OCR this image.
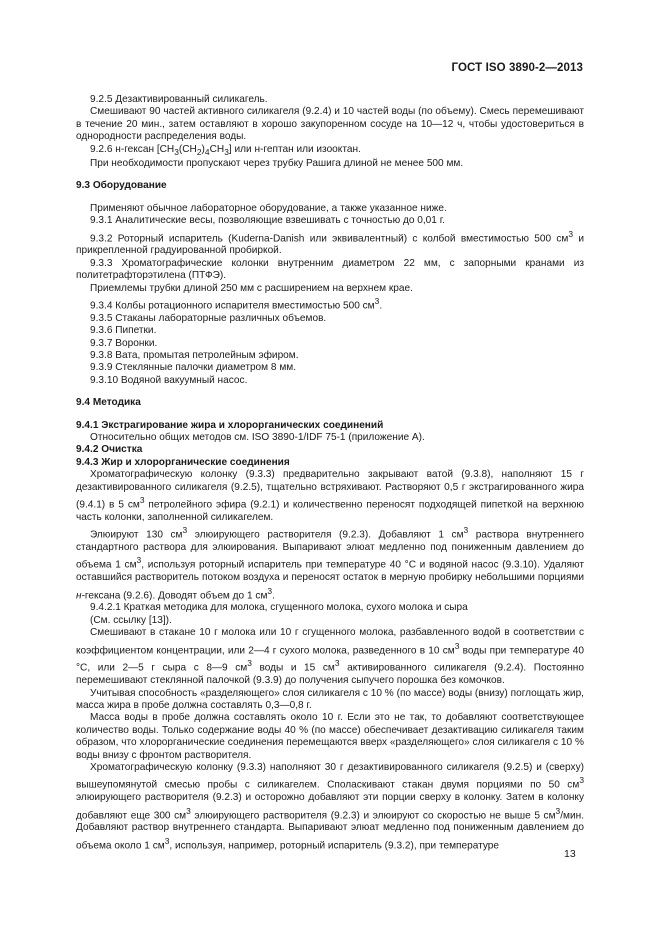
ГОСТ ISO 3890-2—2013

9.2.5 Дезактивированный силикагель.

Смешивают 90 частей активного силикагеля (9.2.4) и 10 частей воды (по объему). Смесь перемешивают в течение 20 мин., затем оставляют в хорошо закупоренном сосуде на 10—12 ч, чтобы удостовериться в однородности распределения воды.

9.2.6 н-гексан $[CH_3(CH_2)_4CH_3]$ или н-гептан или изооктан.

При необходимости пропускают через трубку Рашига длиной не менее 500 мм.

9.3 Оборудование

Применяют обычное лабораторное оборудование, а также указанное ниже.

9.3.1 Аналитические весы, позволяющие взвешивать с точностью до 0,01 г.

9.3.2 Роторный испаритель (Kuderna-Danish или эквивалентный) с колбой вместимостью 500 $см^3$ и прикрепленной градуированной пробиркой.

9.3.3 Хроматографические колонки внутренним диаметром 22 мм, с запорными кранами из политетрафторэтилена (ПТФЭ).

Приемлемы трубки длиной 250 мм с расширением на верхнем крае.

9.3.4 Колбы ротационного испарителя вместимостью 500 $см^3$.

9.3.5 Стаканы лабораторные различных объемов.

9.3.6 Пипетки.

9.3.7 Воронки.

9.3.8 Вата, промытая петролейным эфиром.

9.3.9 Стеклянные палочки диаметром 8 мм.

9.3.10 Водяной вакуумный насос.

9.4 Методика

9.4.1 Экстрагирование жира и хлорорганических соединений

Относительно общих методов см. ISO 3890-1/IDF 75-1 (приложение А).

9.4.2 Очистка

9.4.3 Жир и хлорорганические соединения

Хроматографическую колонку (9.3.3) предварительно закрывают ватой (9.3.8), наполняют 15 г дезактивированного силикагеля (9.2.5), тщательно встряхивают. Растворяют 0,5 г экстрагированного жира (9.4.1) в 5 $см^3$ петролейного эфира (9.2.1) и количественно переносят подходящей пипеткой на верхнюю часть колонки, заполненной силикагелем.

Элюируют 130 $см^3$ элюирующего растворителя (9.2.3). Добавляют 1 $см^3$ раствора внутреннего стандартного раствора для элюирования. Выпаривают элюат медленно под пониженным давлением до объема 1 $см^3$, используя роторный испаритель при температуре 40 °С и водяной насос (9.3.10). Удаляют оставшийся растворитель потоком воздуха и переносят остаток в мерную пробирку небольшими порциями н-гексана (9.2.6). Доводят объем до 1 $см^3$.

9.4.2.1 Краткая методика для молока, сгущенного молока, сухого молока и сыра

(См. ссылку [13]).

Смешивают в стакане 10 г молока или 10 г сгущенного молока, разбавленного водой в соответствии с коэффициентом концентрации, или 2—4 г сухого молока, разведенного в 10 $см^3$ воды при температуре 40 °С, или 2—5 г сыра с 8—9 $см^3$ воды и 15 $см^3$ активированного силикагеля (9.2.4). Постоянно перемешивают стеклянной палочкой (9.3.9) до получения сыпучего порошка без комочков.

Учитывая способность «разделяющего» слоя силикагеля с 10 % (по массе) воды (внизу) поглощать жир, масса жира в пробе должна составлять 0,3—0,8 г.

Масса воды в пробе должна составлять около 10 г. Если это не так, то добавляют соответствующее количество воды. Только содержание воды 40 % (по массе) обеспечивает дезактивацию силикагеля таким образом, что хлорорганические соединения перемещаются вверх «разделяющего» слоя силикагеля с 10 % воды внизу с фронтом растворителя.

Хроматографическую колонку (9.3.3) наполняют 30 г дезактивированного силикагеля (9.2.5) и (сверху) вышеупомянутой смесью пробы с силикагелем. Споласкивают стакан двумя порциями по 50 $см^3$ элюирующего растворителя (9.2.3) и осторожно добавляют эти порции сверху в колонку. Затем в колонку добавляют еще 300 $см^3$ элюирующего растворителя (9.2.3) и элюируют со скоростью не выше 5 $см^3$/мин. Добавляют раствор внутреннего стандарта. Выпаривают элюат медленно под пониженным давлением до объема около 1 $см^3$, используя, например, роторный испаритель (9.3.2), при температуре

13
